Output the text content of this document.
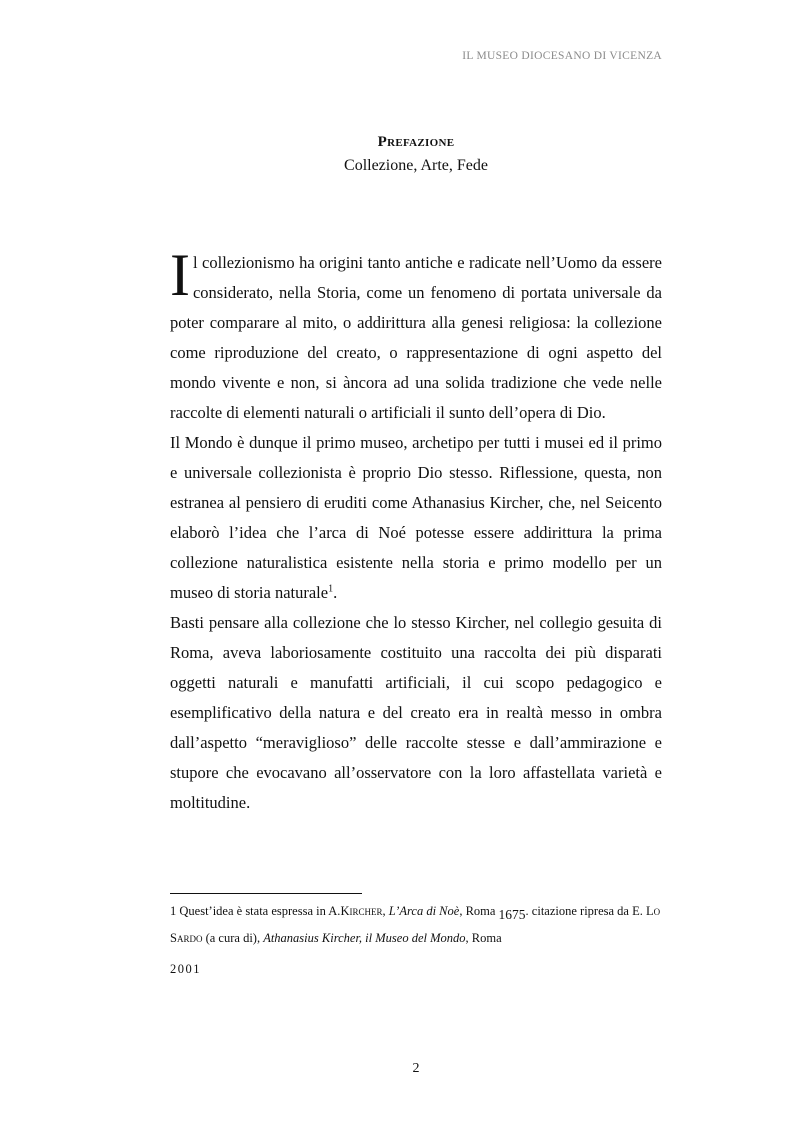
IL MUSEO DIOCESANO DI VICENZA
Prefazione
Collezione, Arte, Fede

Il collezionismo ha origini tanto antiche e radicate nell’Uomo da essere considerato, nella Storia, come un fenomeno di portata universale da poter comparare al mito, o addirittura alla genesi religiosa: la collezione come riproduzione del creato, o rappresentazione di ogni aspetto del mondo vivente e non, si àncora ad una solida tradizione che vede nelle raccolte di elementi naturali o artificiali il sunto dell’opera di Dio.

Il Mondo è dunque il primo museo, archetipo per tutti i musei ed il primo e universale collezionista è proprio Dio stesso. Riflessione, questa, non estranea al pensiero di eruditi come Athanasius Kircher, che, nel Seicento elaborò l’idea che l’arca di Noé potesse essere addirittura la prima collezione naturalistica esistente nella storia e primo modello per un museo di storia naturale$^1$.

Basti pensare alla collezione che lo stesso Kircher, nel collegio gesuita di Roma, aveva laboriosamente costituito una raccolta dei più disparati oggetti naturali e manufatti artificiali, il cui scopo pedagogico e esemplificativo della natura e del creato era in realtà messo in ombra dall’aspetto “meraviglioso” delle raccolte stesse e dall’ammirazione e stupore che evocavano all’osservatore con la loro affastellata varietà e moltitudine.

1 Quest’idea è stata espressa in A.Kircher, L’Arca di Noè, Roma 1675. citazione ripresa da E. Lo Sardo (a cura di), Athanasius Kircher, il Museo del Mondo, Roma
2001
2
